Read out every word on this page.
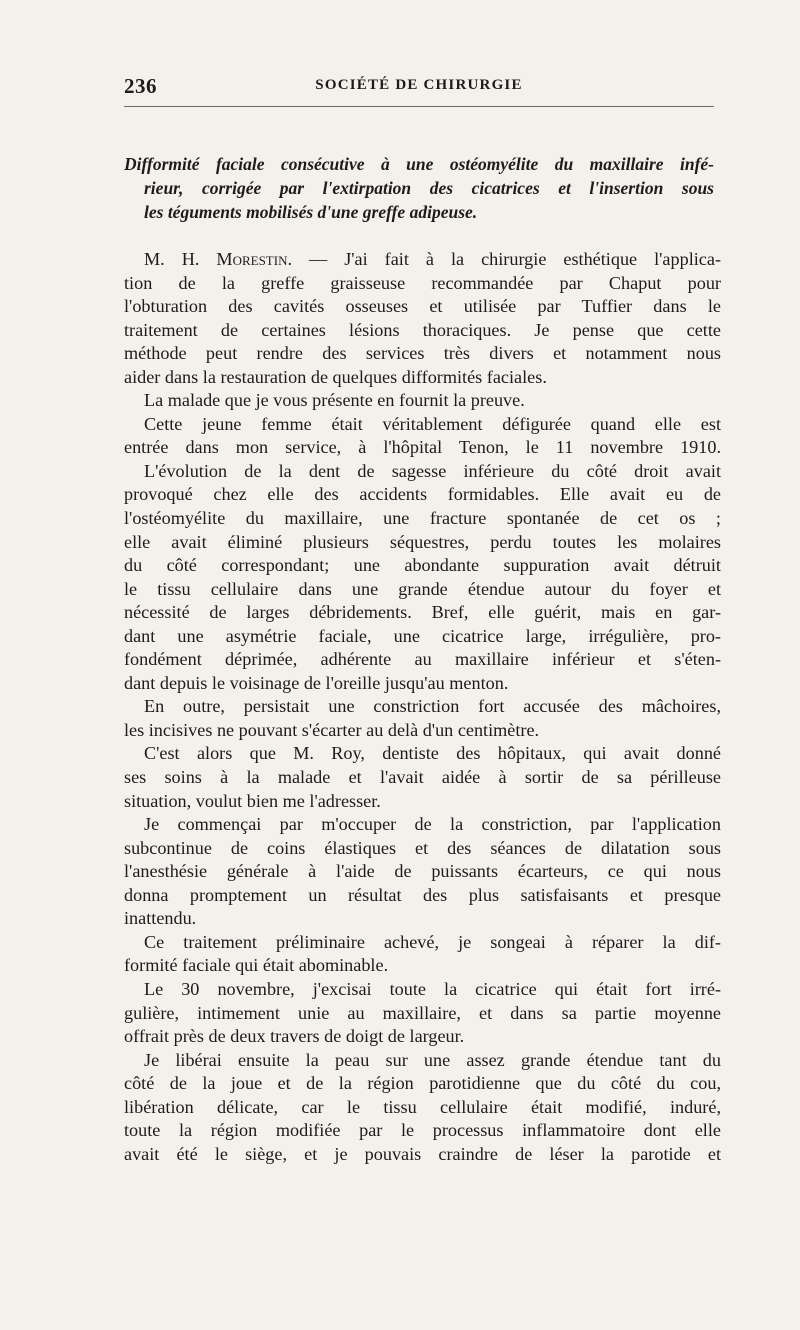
236	SOCIÉTÉ DE CHIRURGIE
Difformité faciale consécutive à une ostéomyélite du maxillaire infé-
rieur, corrigée par l'extirpation des cicatrices et l'insertion sous
les téguments mobilisés d'une greffe adipeuse.
M. H. Morestin. — J'ai fait à la chirurgie esthétique l'applica-
tion de la greffe graisseuse recommandée par Chaput pour
l'obturation des cavités osseuses et utilisée par Tuffier dans le
traitement de certaines lésions thoraciques. Je pense que cette
méthode peut rendre des services très divers et notamment nous
aider dans la restauration de quelques difformités faciales.
La malade que je vous présente en fournit la preuve.
Cette jeune femme était véritablement défigurée quand elle est
entrée dans mon service, à l'hôpital Tenon, le 11 novembre 1910.
L'évolution de la dent de sagesse inférieure du côté droit avait
provoqué chez elle des accidents formidables. Elle avait eu de
l'ostéomyélite du maxillaire, une fracture spontanée de cet os ;
elle avait éliminé plusieurs séquestres, perdu toutes les molaires
du côté correspondant; une abondante suppuration avait détruit
le tissu cellulaire dans une grande étendue autour du foyer et
nécessité de larges débridements. Bref, elle guérit, mais en gar-
dant une asymétrie faciale, une cicatrice large, irrégulière, pro-
fondément déprimée, adhérente au maxillaire inférieur et s'éten-
dant depuis le voisinage de l'oreille jusqu'au menton.
En outre, persistait une constriction fort accusée des mâchoires,
les incisives ne pouvant s'écarter au delà d'un centimètre.
C'est alors que M. Roy, dentiste des hôpitaux, qui avait donné
ses soins à la malade et l'avait aidée à sortir de sa périlleuse
situation, voulut bien me l'adresser.
Je commençai par m'occuper de la constriction, par l'application
subcontinue de coins élastiques et des séances de dilatation sous
l'anesthésie générale à l'aide de puissants écarteurs, ce qui nous
donna promptement un résultat des plus satisfaisants et presque
inattendu.
Ce traitement préliminaire achevé, je songeai à réparer la dif-
formité faciale qui était abominable.
Le 30 novembre, j'excisai toute la cicatrice qui était fort irré-
gulière, intimement unie au maxillaire, et dans sa partie moyenne
offrait près de deux travers de doigt de largeur.
Je libérai ensuite la peau sur une assez grande étendue tant du
côté de la joue et de la région parotidienne que du côté du cou,
libération délicate, car le tissu cellulaire était modifié, induré,
toute la région modifiée par le processus inflammatoire dont elle
avait été le siège, et je pouvais craindre de léser la parotide et
